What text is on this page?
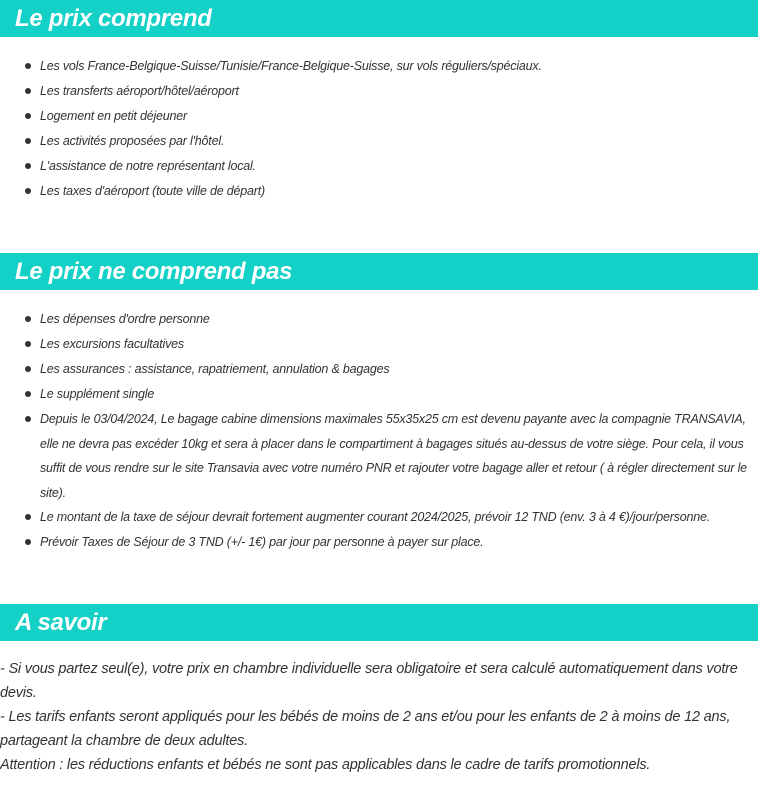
Le prix comprend
Les vols France-Belgique-Suisse/Tunisie/France-Belgique-Suisse, sur vols réguliers/spéciaux.
Les transferts aéroport/hôtel/aéroport
Logement en petit déjeuner
Les activités proposées par l'hôtel.
L'assistance de notre représentant local.
Les taxes d'aéroport (toute ville de départ)
Le prix ne comprend pas
Les dépenses d'ordre personne
Les excursions facultatives
Les assurances : assistance, rapatriement, annulation & bagages
Le supplément single
Depuis le 03/04/2024, Le bagage cabine dimensions maximales 55x35x25 cm est devenu payante avec la compagnie TRANSAVIA, elle ne devra pas excéder 10kg et sera à placer dans le compartiment à bagages situés au-dessus de votre siège. Pour cela, il vous suffit de vous rendre sur le site Transavia avec votre numéro PNR et rajouter votre bagage aller et retour ( à régler directement sur le site).
Le montant de la taxe de séjour devrait fortement augmenter courant 2024/2025, prévoir 12 TND (env. 3 à 4 €)/jour/personne.
Prévoir Taxes de Séjour de 3 TND (+/- 1€) par jour par personne à payer sur place.
A savoir

- Si vous partez seul(e), votre prix en chambre individuelle sera obligatoire et sera calculé automatiquement dans votre devis.

- Les tarifs enfants seront appliqués pour les bébés de moins de 2 ans et/ou pour les enfants de 2 à moins de 12 ans, partageant la chambre de deux adultes.

Attention : les réductions enfants et bébés ne sont pas applicables dans le cadre de tarifs promotionnels.
